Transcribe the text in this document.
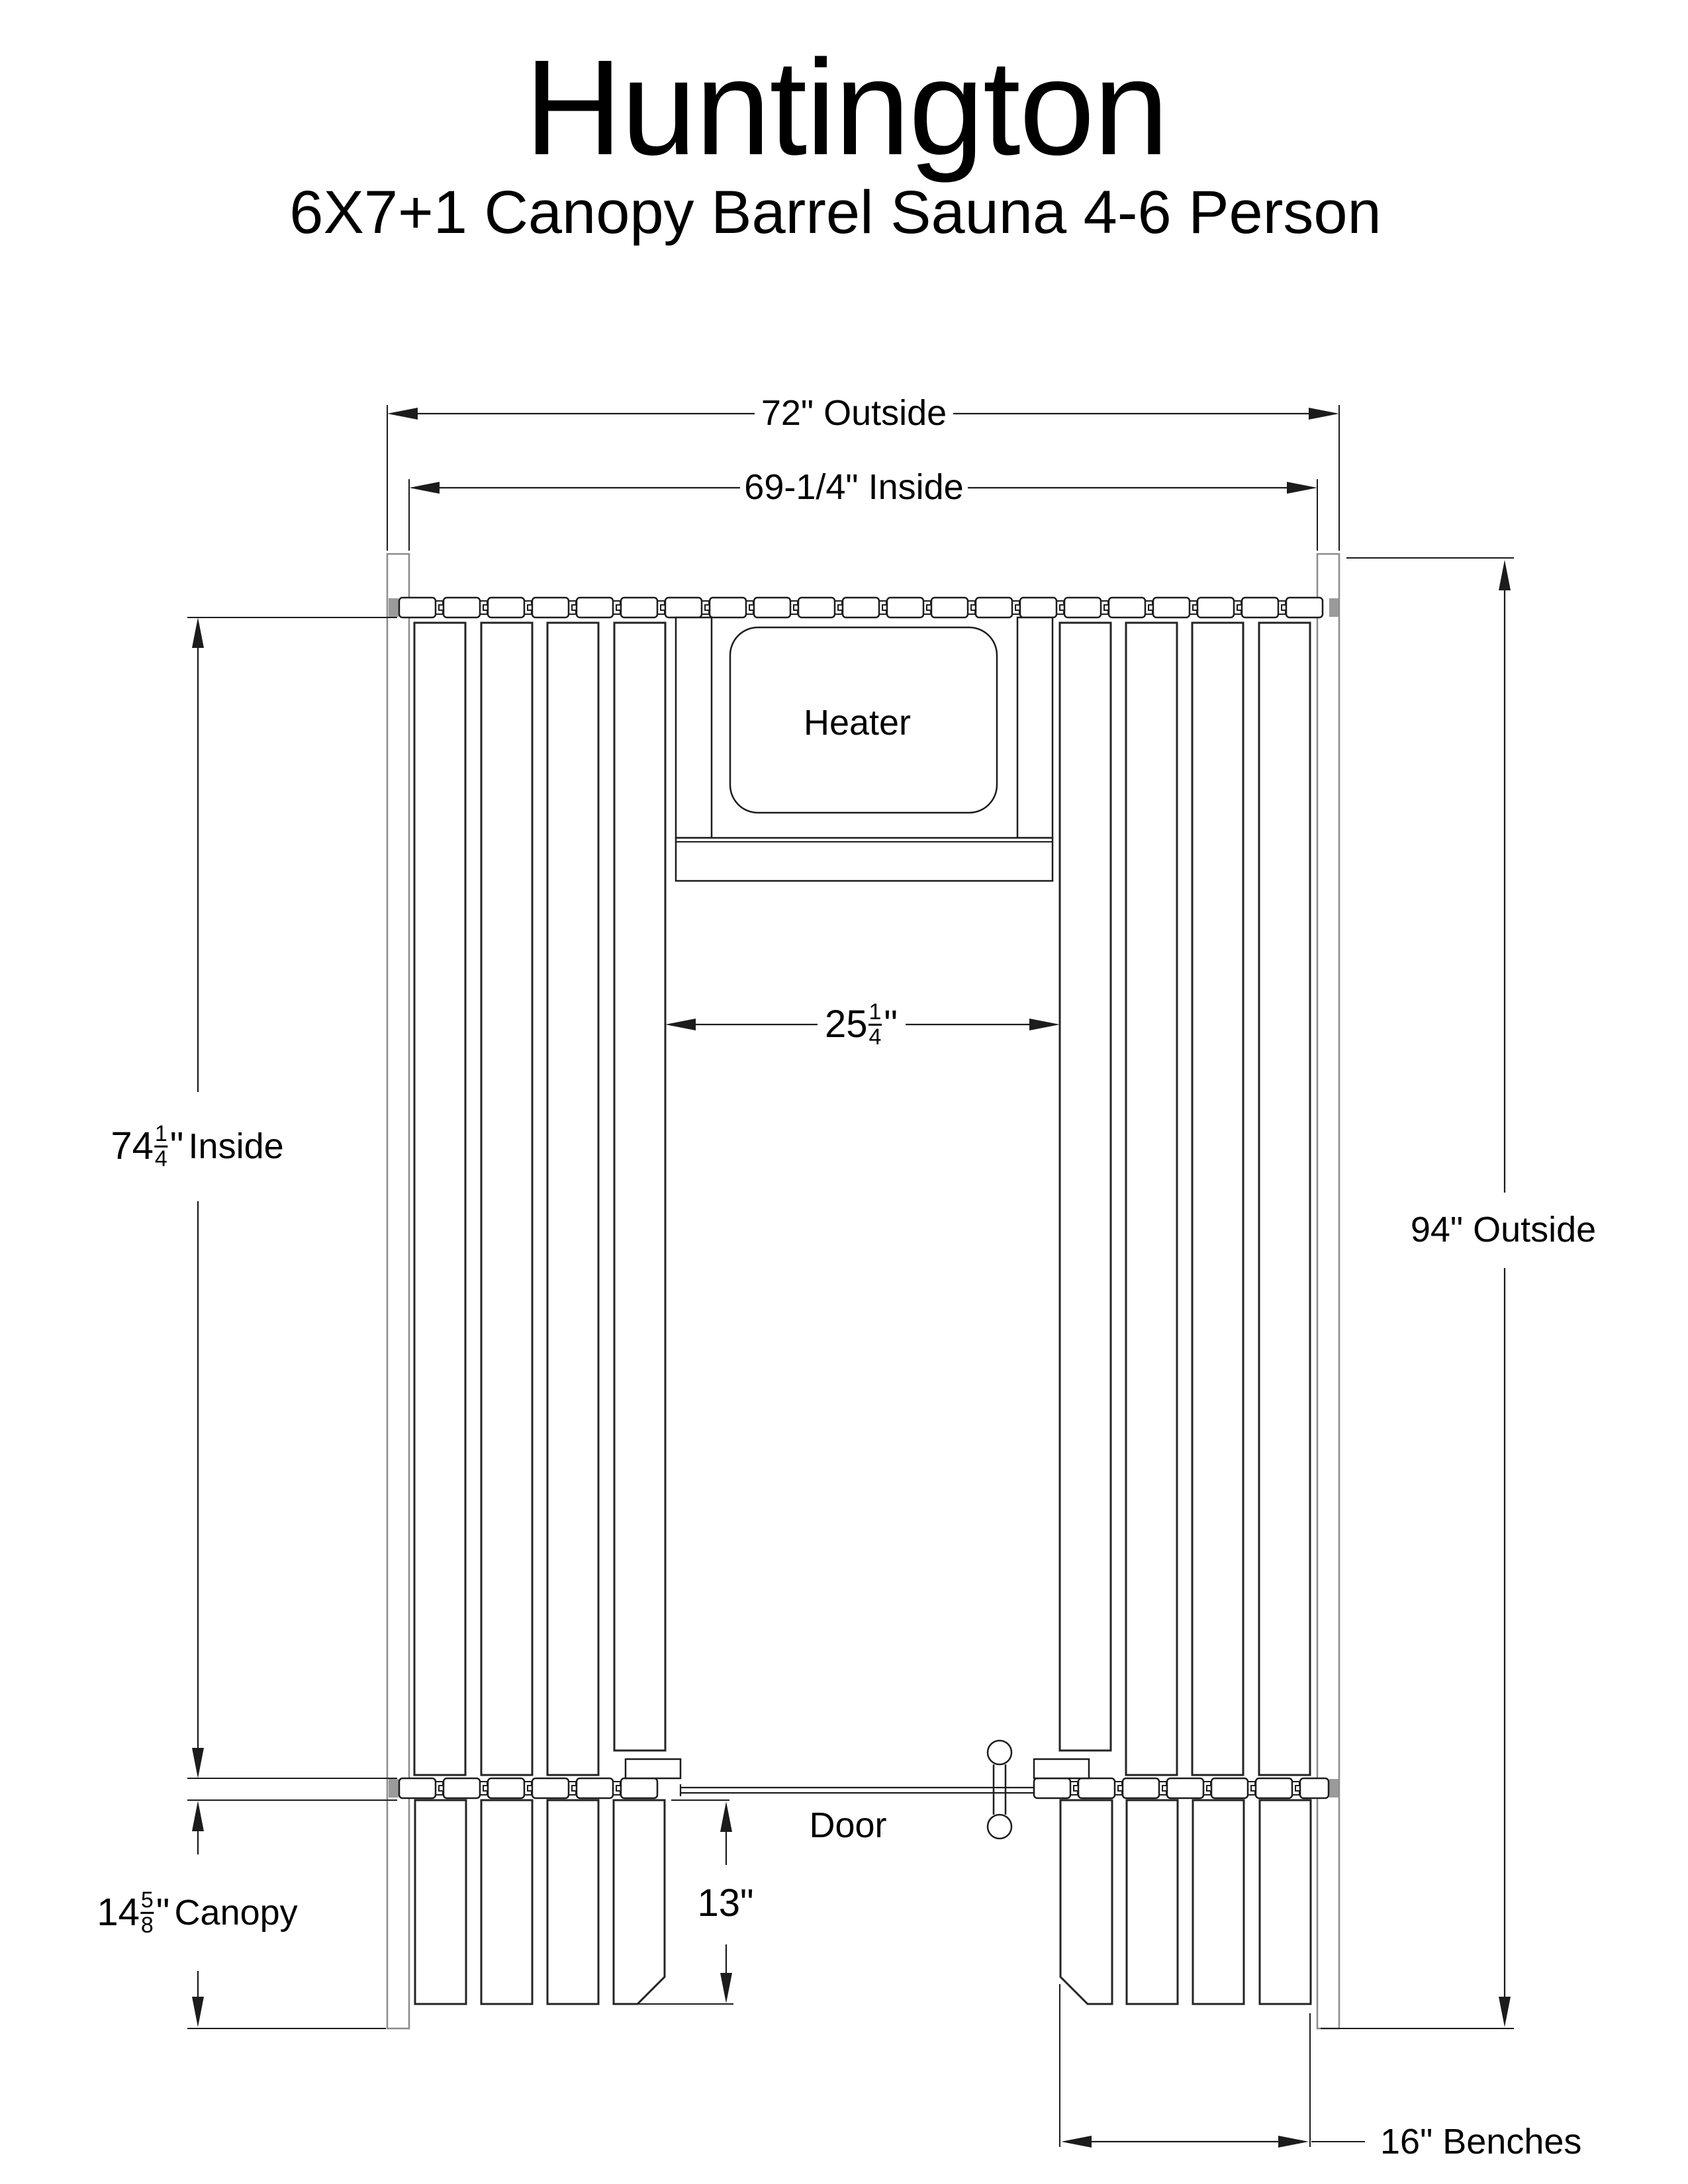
Huntington
6X7+1 Canopy Barrel Sauna 4-6 Person
72" Outside
69-1/4" Inside
Heater
$25 \frac{1}{4}$ "
$74 \frac{1}{4}$ " Inside
94" Outside
Door
13"
$14 \frac{5}{8}$ " Canopy
16" Benches
